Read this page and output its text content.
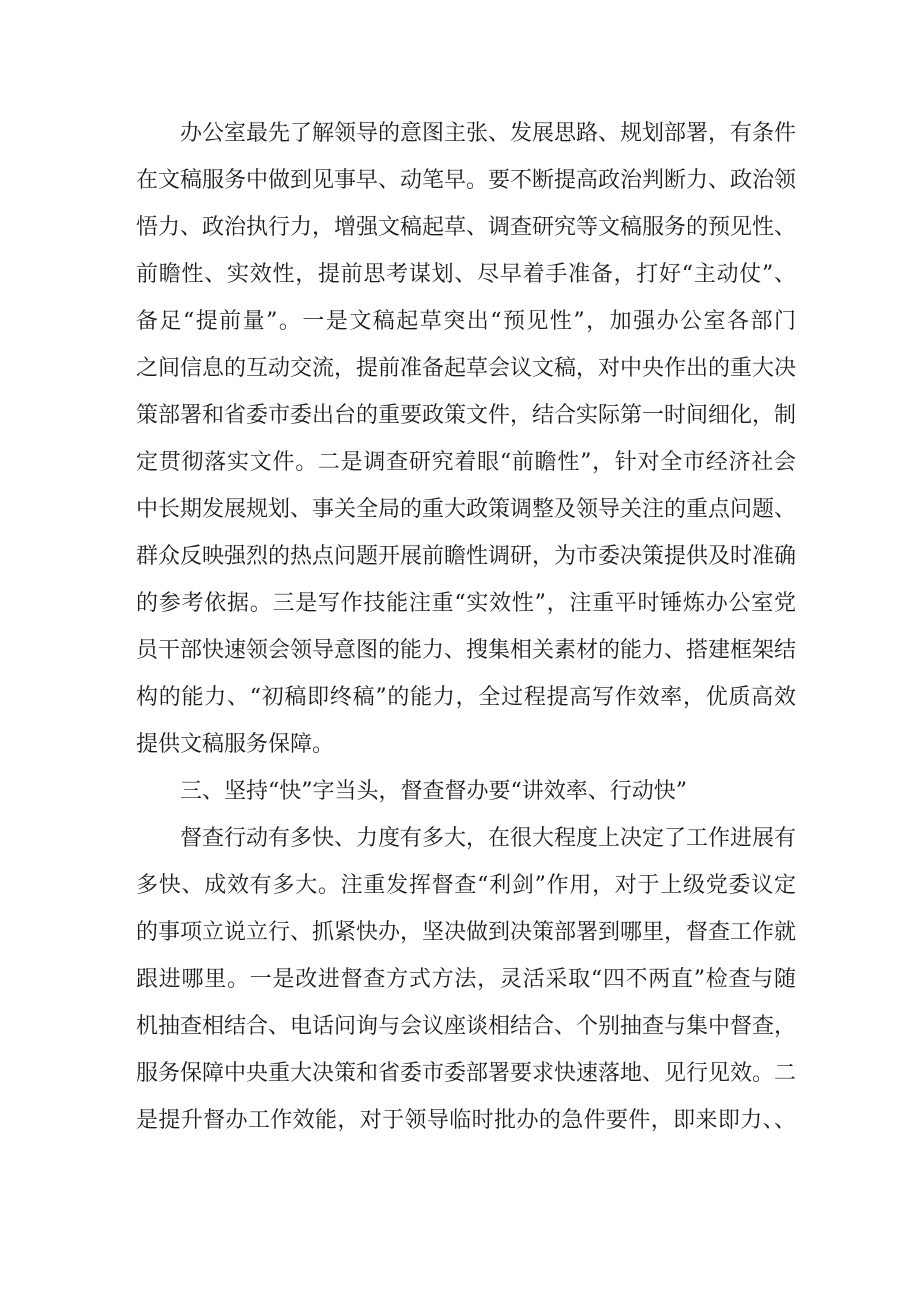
办公室最先了解领导的意图主张、发展思路、规划部署，有条件
在文稿服务中做到见事早、动笔早。要不断提高政治判断力、政治领
悟力、政治执行力，增强文稿起草、调查研究等文稿服务的预见性、
前瞻性、实效性，提前思考谋划、尽早着手准备，打好“主动仗”、
备足“提前量”。一是文稿起草突出“预见性”，加强办公室各部门
之间信息的互动交流，提前准备起草会议文稿，对中央作出的重大决
策部署和省委市委出台的重要政策文件，结合实际第一时间细化，制
定贯彻落实文件。二是调查研究着眼“前瞻性”，针对全市经济社会
中长期发展规划、事关全局的重大政策调整及领导关注的重点问题、
群众反映强烈的热点问题开展前瞻性调研，为市委决策提供及时准确
的参考依据。三是写作技能注重“实效性”，注重平时锤炼办公室党
员干部快速领会领导意图的能力、搜集相关素材的能力、搭建框架结
构的能力、“初稿即终稿”的能力，全过程提高写作效率，优质高效
提供文稿服务保障。
三、坚持“快”字当头，督查督办要“讲效率、行动快”
督查行动有多快、力度有多大，在很大程度上决定了工作进展有
多快、成效有多大。注重发挥督查“利剑”作用，对于上级党委议定
的事项立说立行、抓紧快办，坚决做到决策部署到哪里，督查工作就
跟进哪里。一是改进督查方式方法，灵活采取“四不两直”检查与随
机抽查相结合、电话问询与会议座谈相结合、个别抽查与集中督查，
服务保障中央重大决策和省委市委部署要求快速落地、见行见效。二
是提升督办工作效能，对于领导临时批办的急件要件，即来即力、、
